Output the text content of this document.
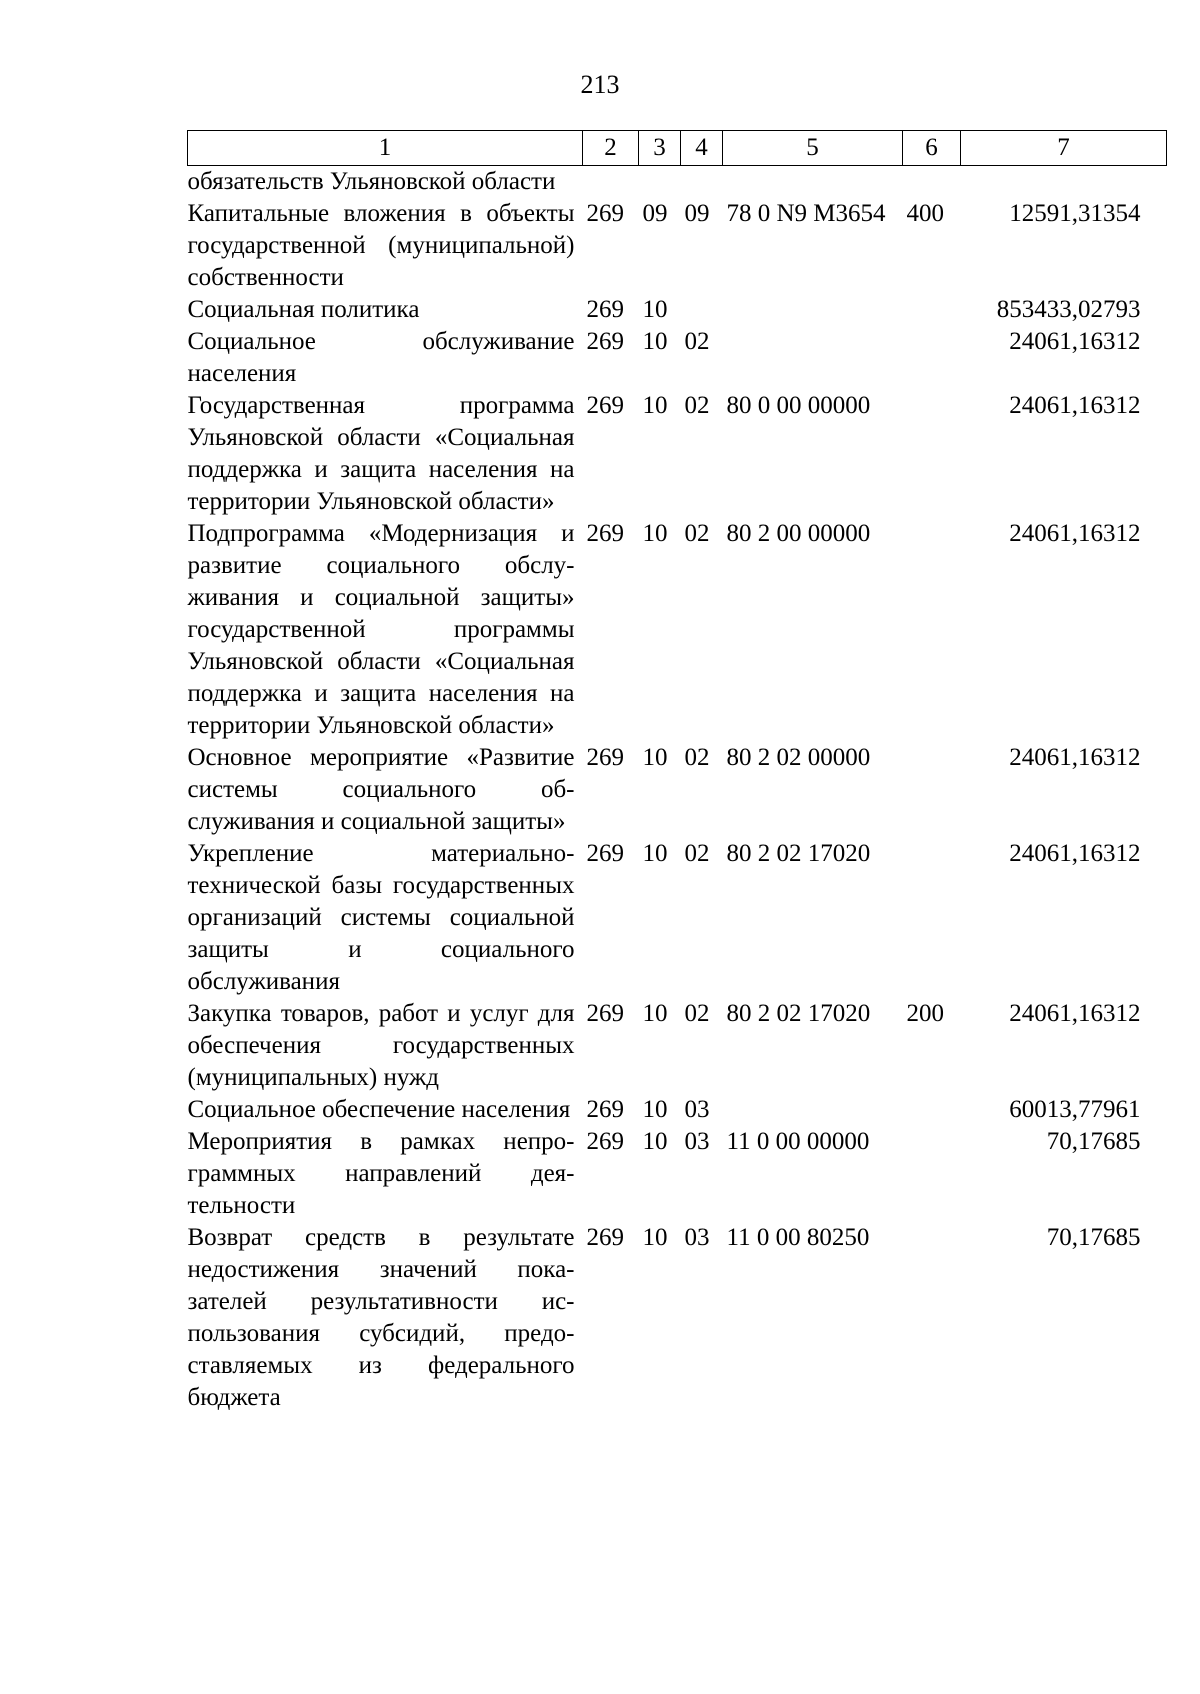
213
1	2	3	4	5	6	7
обязательств Ульяновской области						
Капитальные вложения в объекты государственной (муниципальной) собственности	269	09	09	78 0 N9 M3654	400	12591,31354
Социальная политика	269	10				853433,02793
Социальное обслуживание населения	269	10	02			24061,16312
Государственная программа Ульяновской области «Социальная поддержка и защита населения на территории Ульяновской области»	269	10	02	80 0 00 00000		24061,16312
Подпрограмма «Модернизация и развитие социального обслуживания и социальной защиты» государственной программы Ульяновской области «Социальная поддержка и защита населения на территории Ульяновской области»	269	10	02	80 2 00 00000		24061,16312
Основное мероприятие «Развитие системы социального обслуживания и социальной защиты»	269	10	02	80 2 02 00000		24061,16312
Укрепление материально-технической базы государственных организаций системы социальной защиты и социального обслуживания	269	10	02	80 2 02 17020		24061,16312
Закупка товаров, работ и услуг для обеспечения государственных (муниципальных) нужд	269	10	02	80 2 02 17020	200	24061,16312
Социальное обеспечение населения	269	10	03			60013,77961
Мероприятия в рамках непрограммных направлений деятельности	269	10	03	11 0 00 00000		70,17685
Возврат средств в результате недостижения значений показателей результативности использования субсидий, предоставляемых из федерального бюджета	269	10	03	11 0 00 80250		70,17685
